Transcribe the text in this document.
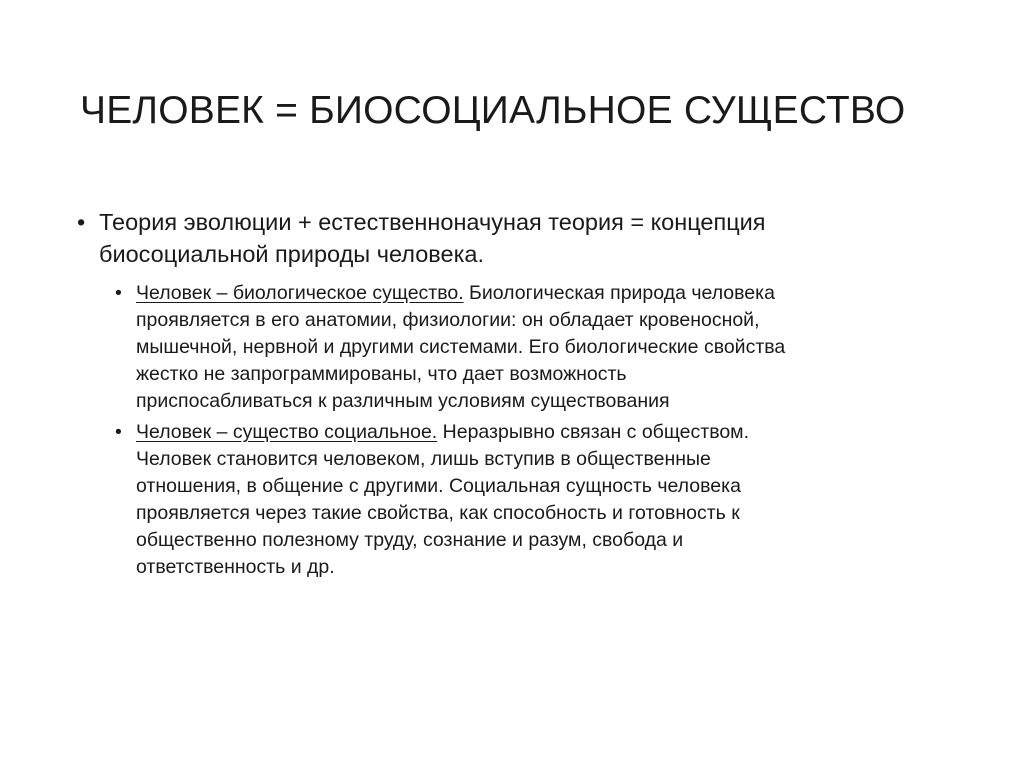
ЧЕЛОВЕК = БИОСОЦИАЛЬНОЕ СУЩЕСТВО
• Теория эволюции + естественноначуная теория = концепция
биосоциальной природы человека.
• Человек – биологическое существо. Биологическая природа человека
проявляется в его анатомии, физиологии: он обладает кровеносной,
мышечной, нервной и другими системами. Его биологические свойства
жестко не запрограммированы, что дает возможность
приспосабливаться к различным условиям существования
• Человек – существо социальное. Неразрывно связан с обществом.
Человек становится человеком, лишь вступив в общественные
отношения, в общение с другими. Социальная сущность человека
проявляется через такие свойства, как способность и готовность к
общественно полезному труду, сознание и разум, свобода и
ответственность и др.
